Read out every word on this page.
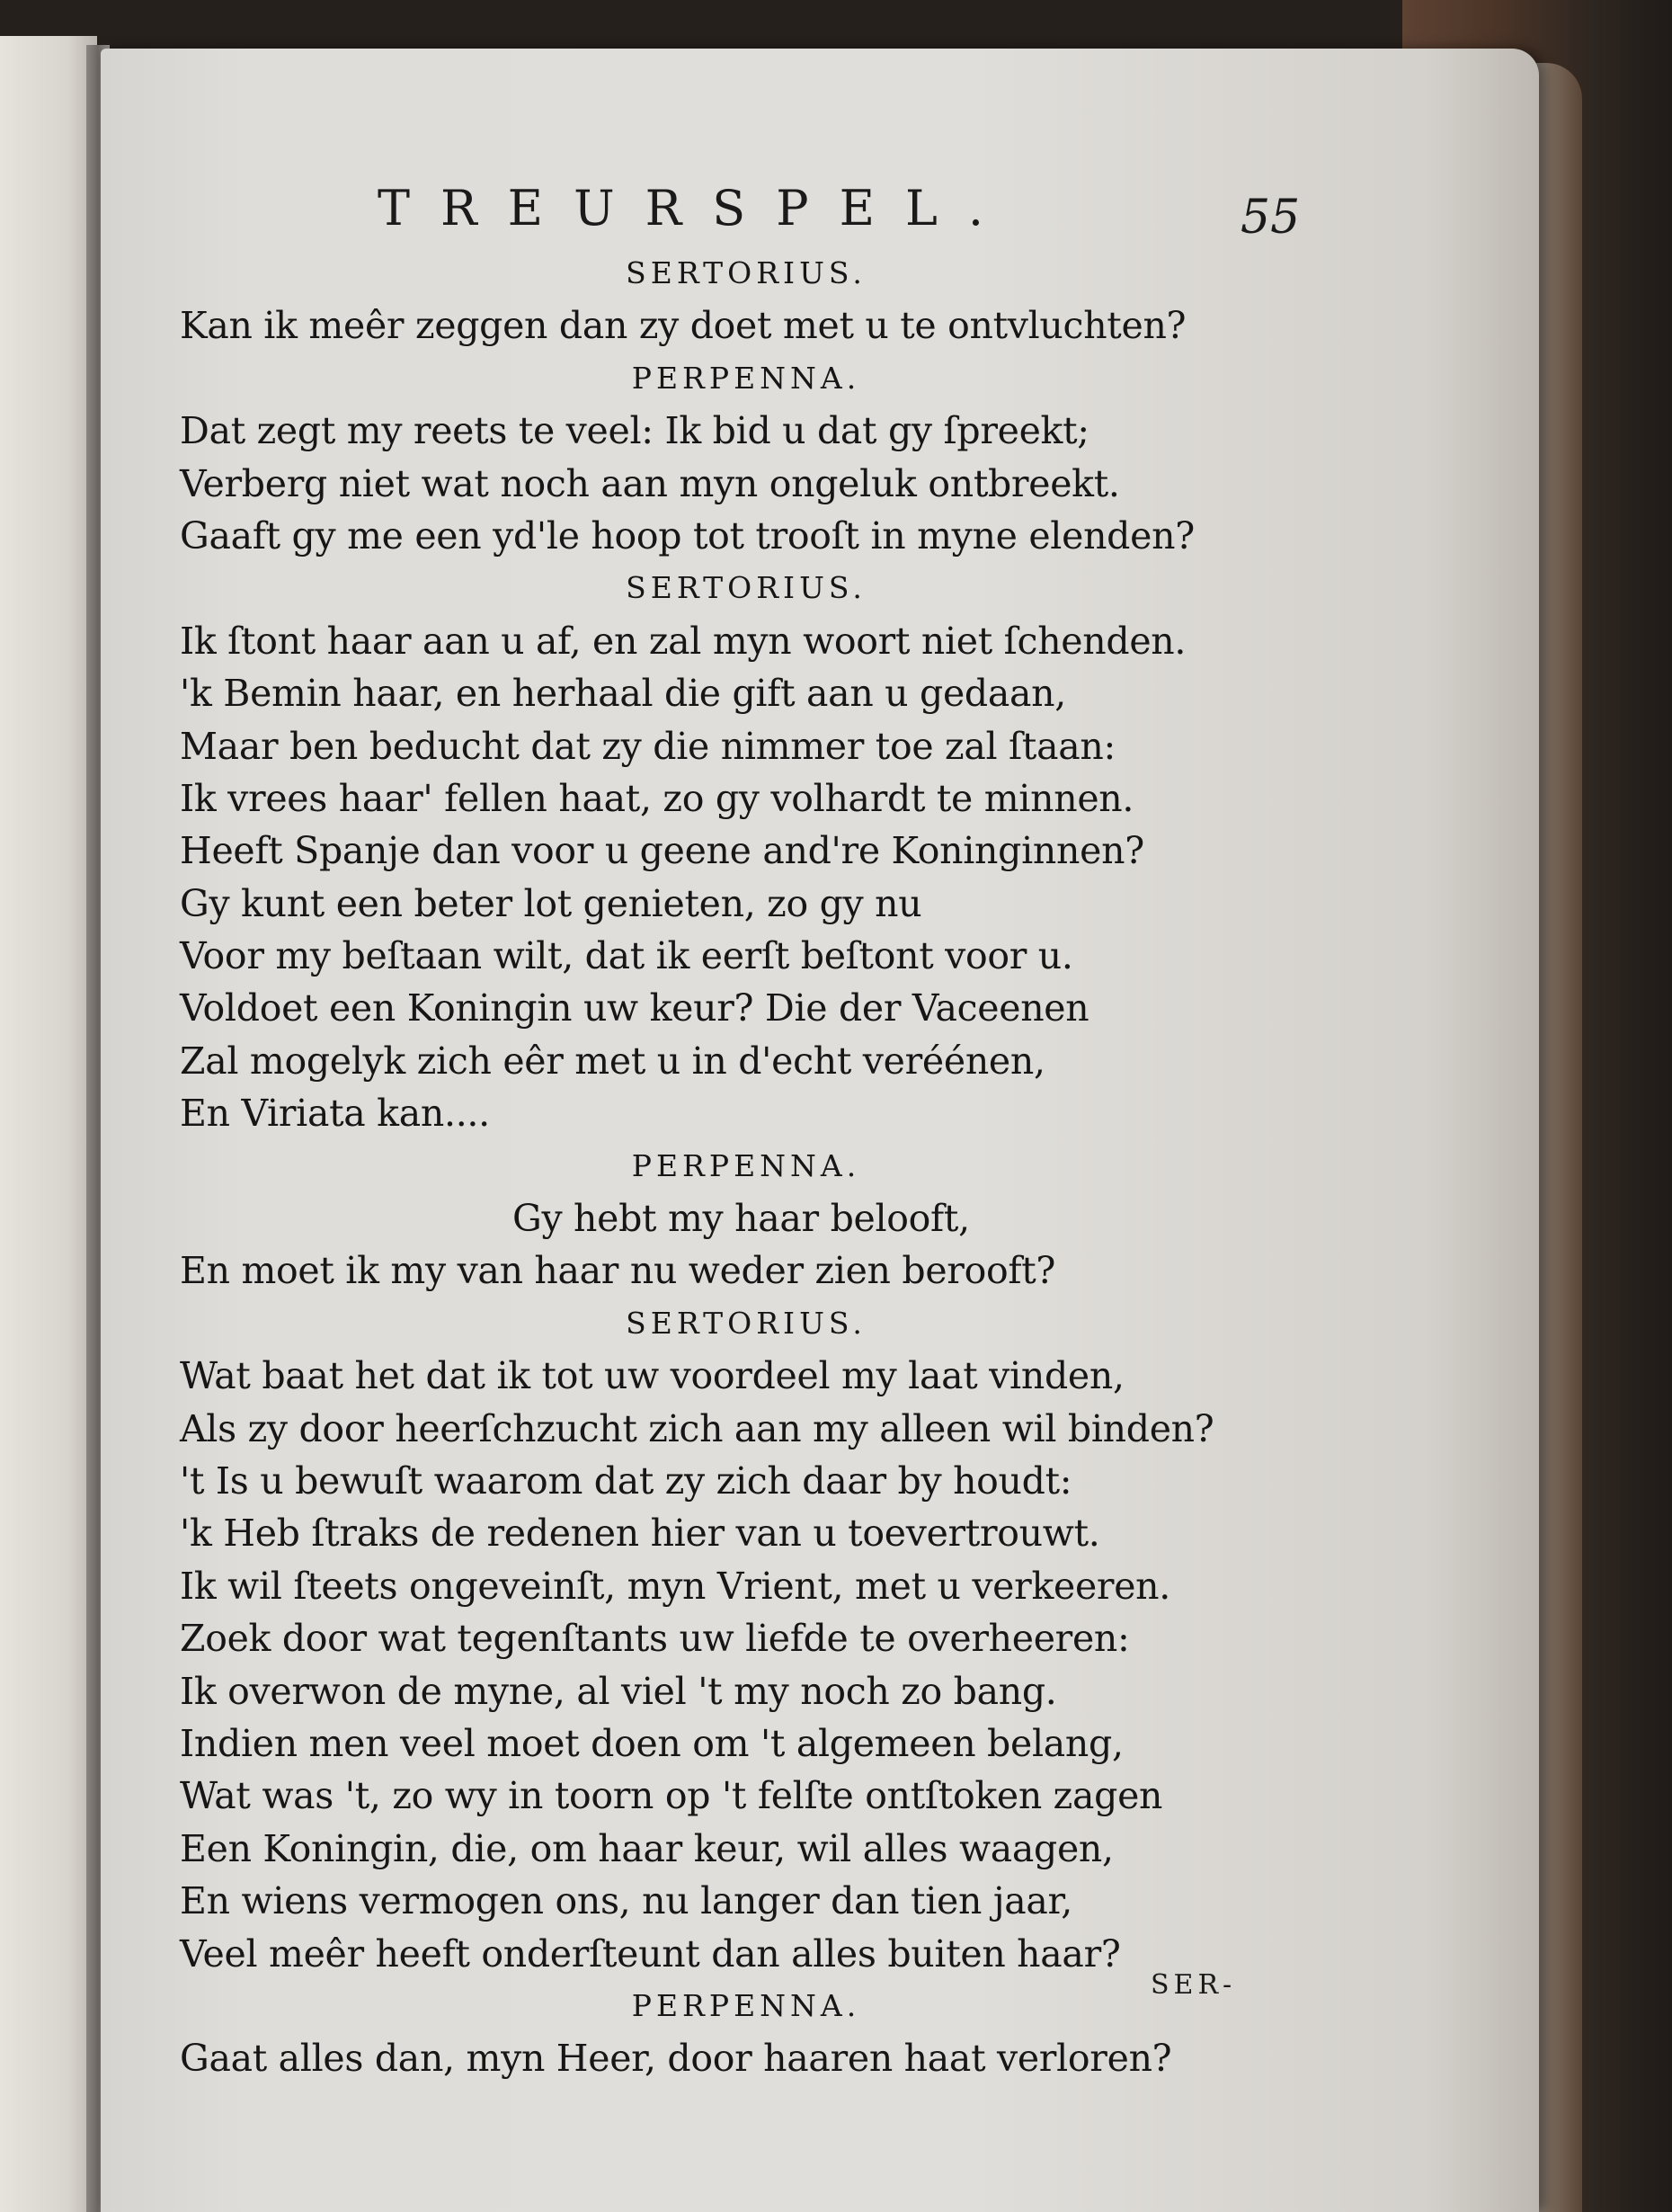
TREURSPEL.	55
SERTORIUS.
Kan ik meêr zeggen dan zy doet met u te ontvluchten?
PERPENNA.
Dat zegt my reets te veel: Ik bid u dat gy ſpreekt;
Verberg niet wat noch aan myn ongeluk ontbreekt.
Gaaft gy me een yd'le hoop tot trooſt in myne elenden?
SERTORIUS.
Ik ſtont haar aan u af, en zal myn woort niet ſchenden.
'k Bemin haar, en herhaal die gift aan u gedaan,
Maar ben beducht dat zy die nimmer toe zal ſtaan:
Ik vrees haar' fellen haat, zo gy volhardt te minnen.
Heeft Spanje dan voor u geene and're Koninginnen?
Gy kunt een beter lot genieten, zo gy nu
Voor my beſtaan wilt, dat ik eerſt beſtont voor u.
Voldoet een Koningin uw keur? Die der Vaceenen
Zal mogelyk zich eêr met u in d'echt veréénen,
En Viriata kan....
PERPENNA.
Gy hebt my haar belooft,
En moet ik my van haar nu weder zien berooft?
SERTORIUS.
Wat baat het dat ik tot uw voordeel my laat vinden,
Als zy door heerſchzucht zich aan my alleen wil binden?
't Is u bewuſt waarom dat zy zich daar by houdt:
'k Heb ſtraks de redenen hier van u toevertrouwt.
Ik wil ſteets ongeveinſt, myn Vrient, met u verkeeren.
Zoek door wat tegenſtants uw liefde te overheeren:
Ik overwon de myne, al viel 't my noch zo bang.
Indien men veel moet doen om 't algemeen belang,
Wat was 't, zo wy in toorn op 't felſte ontſtoken zagen
Een Koningin, die, om haar keur, wil alles waagen,
En wiens vermogen ons, nu langer dan tien jaar,
Veel meêr heeft onderſteunt dan alles buiten haar?
PERPENNA.
Gaat alles dan, myn Heer, door haaren haat verloren?
SER-
